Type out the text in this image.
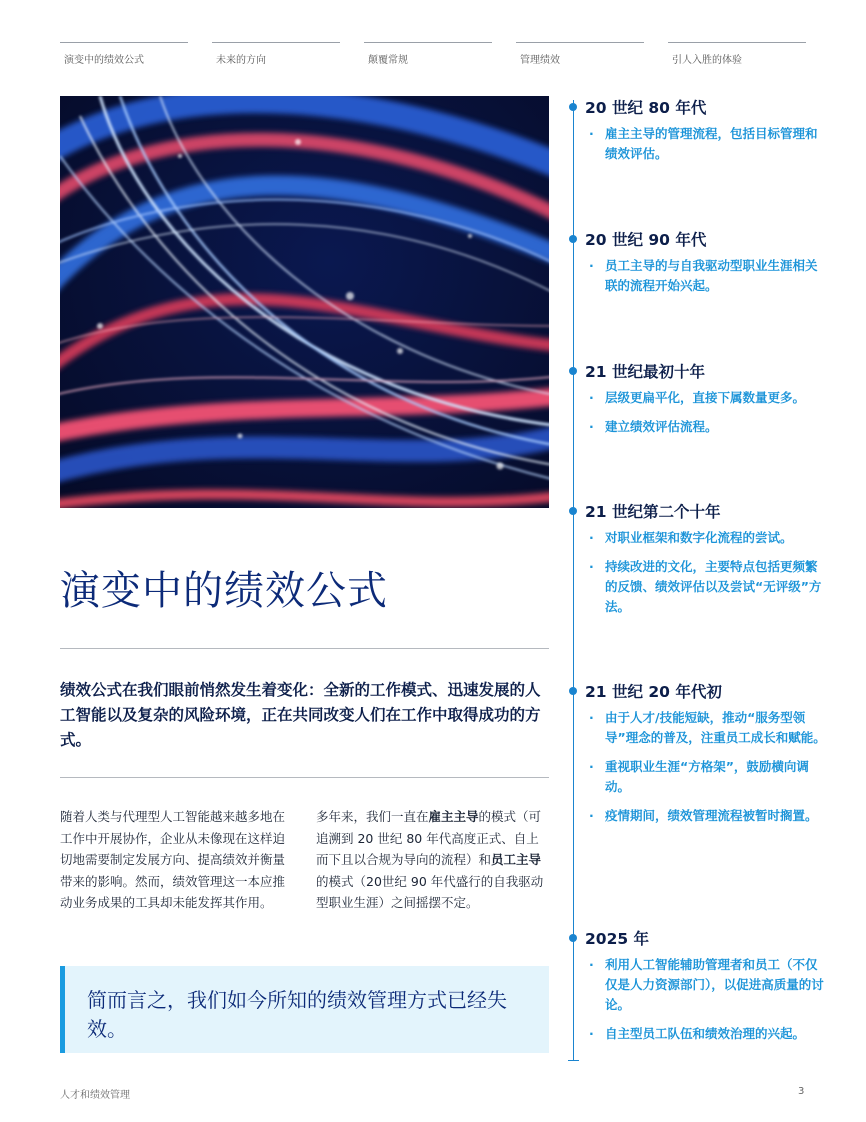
演变中的绩效公式	未来的方向	颠覆常规	管理绩效	引人入胜的体验
演变中的绩效公式

绩效公式在我们眼前悄然发生着变化：全新的工作模式、迅速发展的人工智能以及复杂的风险环境，正在共同改变人们在工作中取得成功的方式。

随着人类与代理型人工智能越来越多地在工作中开展协作，企业从未像现在这样迫切地需要制定发展方向、提高绩效并衡量带来的影响。然而，绩效管理这一本应推动业务成果的工具却未能发挥其作用。

多年来，我们一直在雇主主导的模式（可追溯到 20 世纪 80 年代高度正式、自上而下且以合规为导向的流程）和员工主导的模式（20世纪 90 年代盛行的自我驱动型职业生涯）之间摇摆不定。

简而言之，我们如今所知的绩效管理方式已经失效。
20 世纪 80 年代
· 雇主主导的管理流程，包括目标管理和绩效评估。
20 世纪 90 年代
· 员工主导的与自我驱动型职业生涯相关联的流程开始兴起。
21 世纪最初十年
· 层级更扁平化，直接下属数量更多。
· 建立绩效评估流程。
21 世纪第二个十年
· 对职业框架和数字化流程的尝试。
· 持续改进的文化，主要特点包括更频繁的反馈、绩效评估以及尝试“无评级”方法。
21 世纪 20 年代初
· 由于人才/技能短缺，推动“服务型领导”理念的普及，注重员工成长和赋能。
· 重视职业生涯“方格架”，鼓励横向调动。
· 疫情期间，绩效管理流程被暂时搁置。
2025 年
· 利用人工智能辅助管理者和员工（不仅仅是人力资源部门），以促进高质量的讨论。
· 自主型员工队伍和绩效治理的兴起。
人才和绩效管理	3
